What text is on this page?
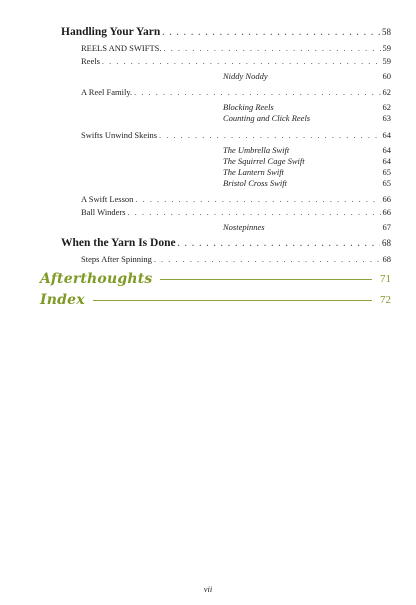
Handling Your Yarn . . .	58
REELS AND SWIFTS. . . .	59
Reels . . .	59
Niddy Noddy	60
A Reel Family. . . .	62
Blocking Reels	62
Counting and Click Reels	63
Swifts Unwind Skeins . . .	64
The Umbrella Swift	64
The Squirrel Cage Swift	64
The Lantern Swift	65
Bristol Cross Swift	65
A Swift Lesson . . .	66
Ball Winders . . .	66
Nostepinnes	67
When the Yarn Is Done . . .	68
Steps After Spinning . . .	68
Afterthoughts	71
Index	72
vii
